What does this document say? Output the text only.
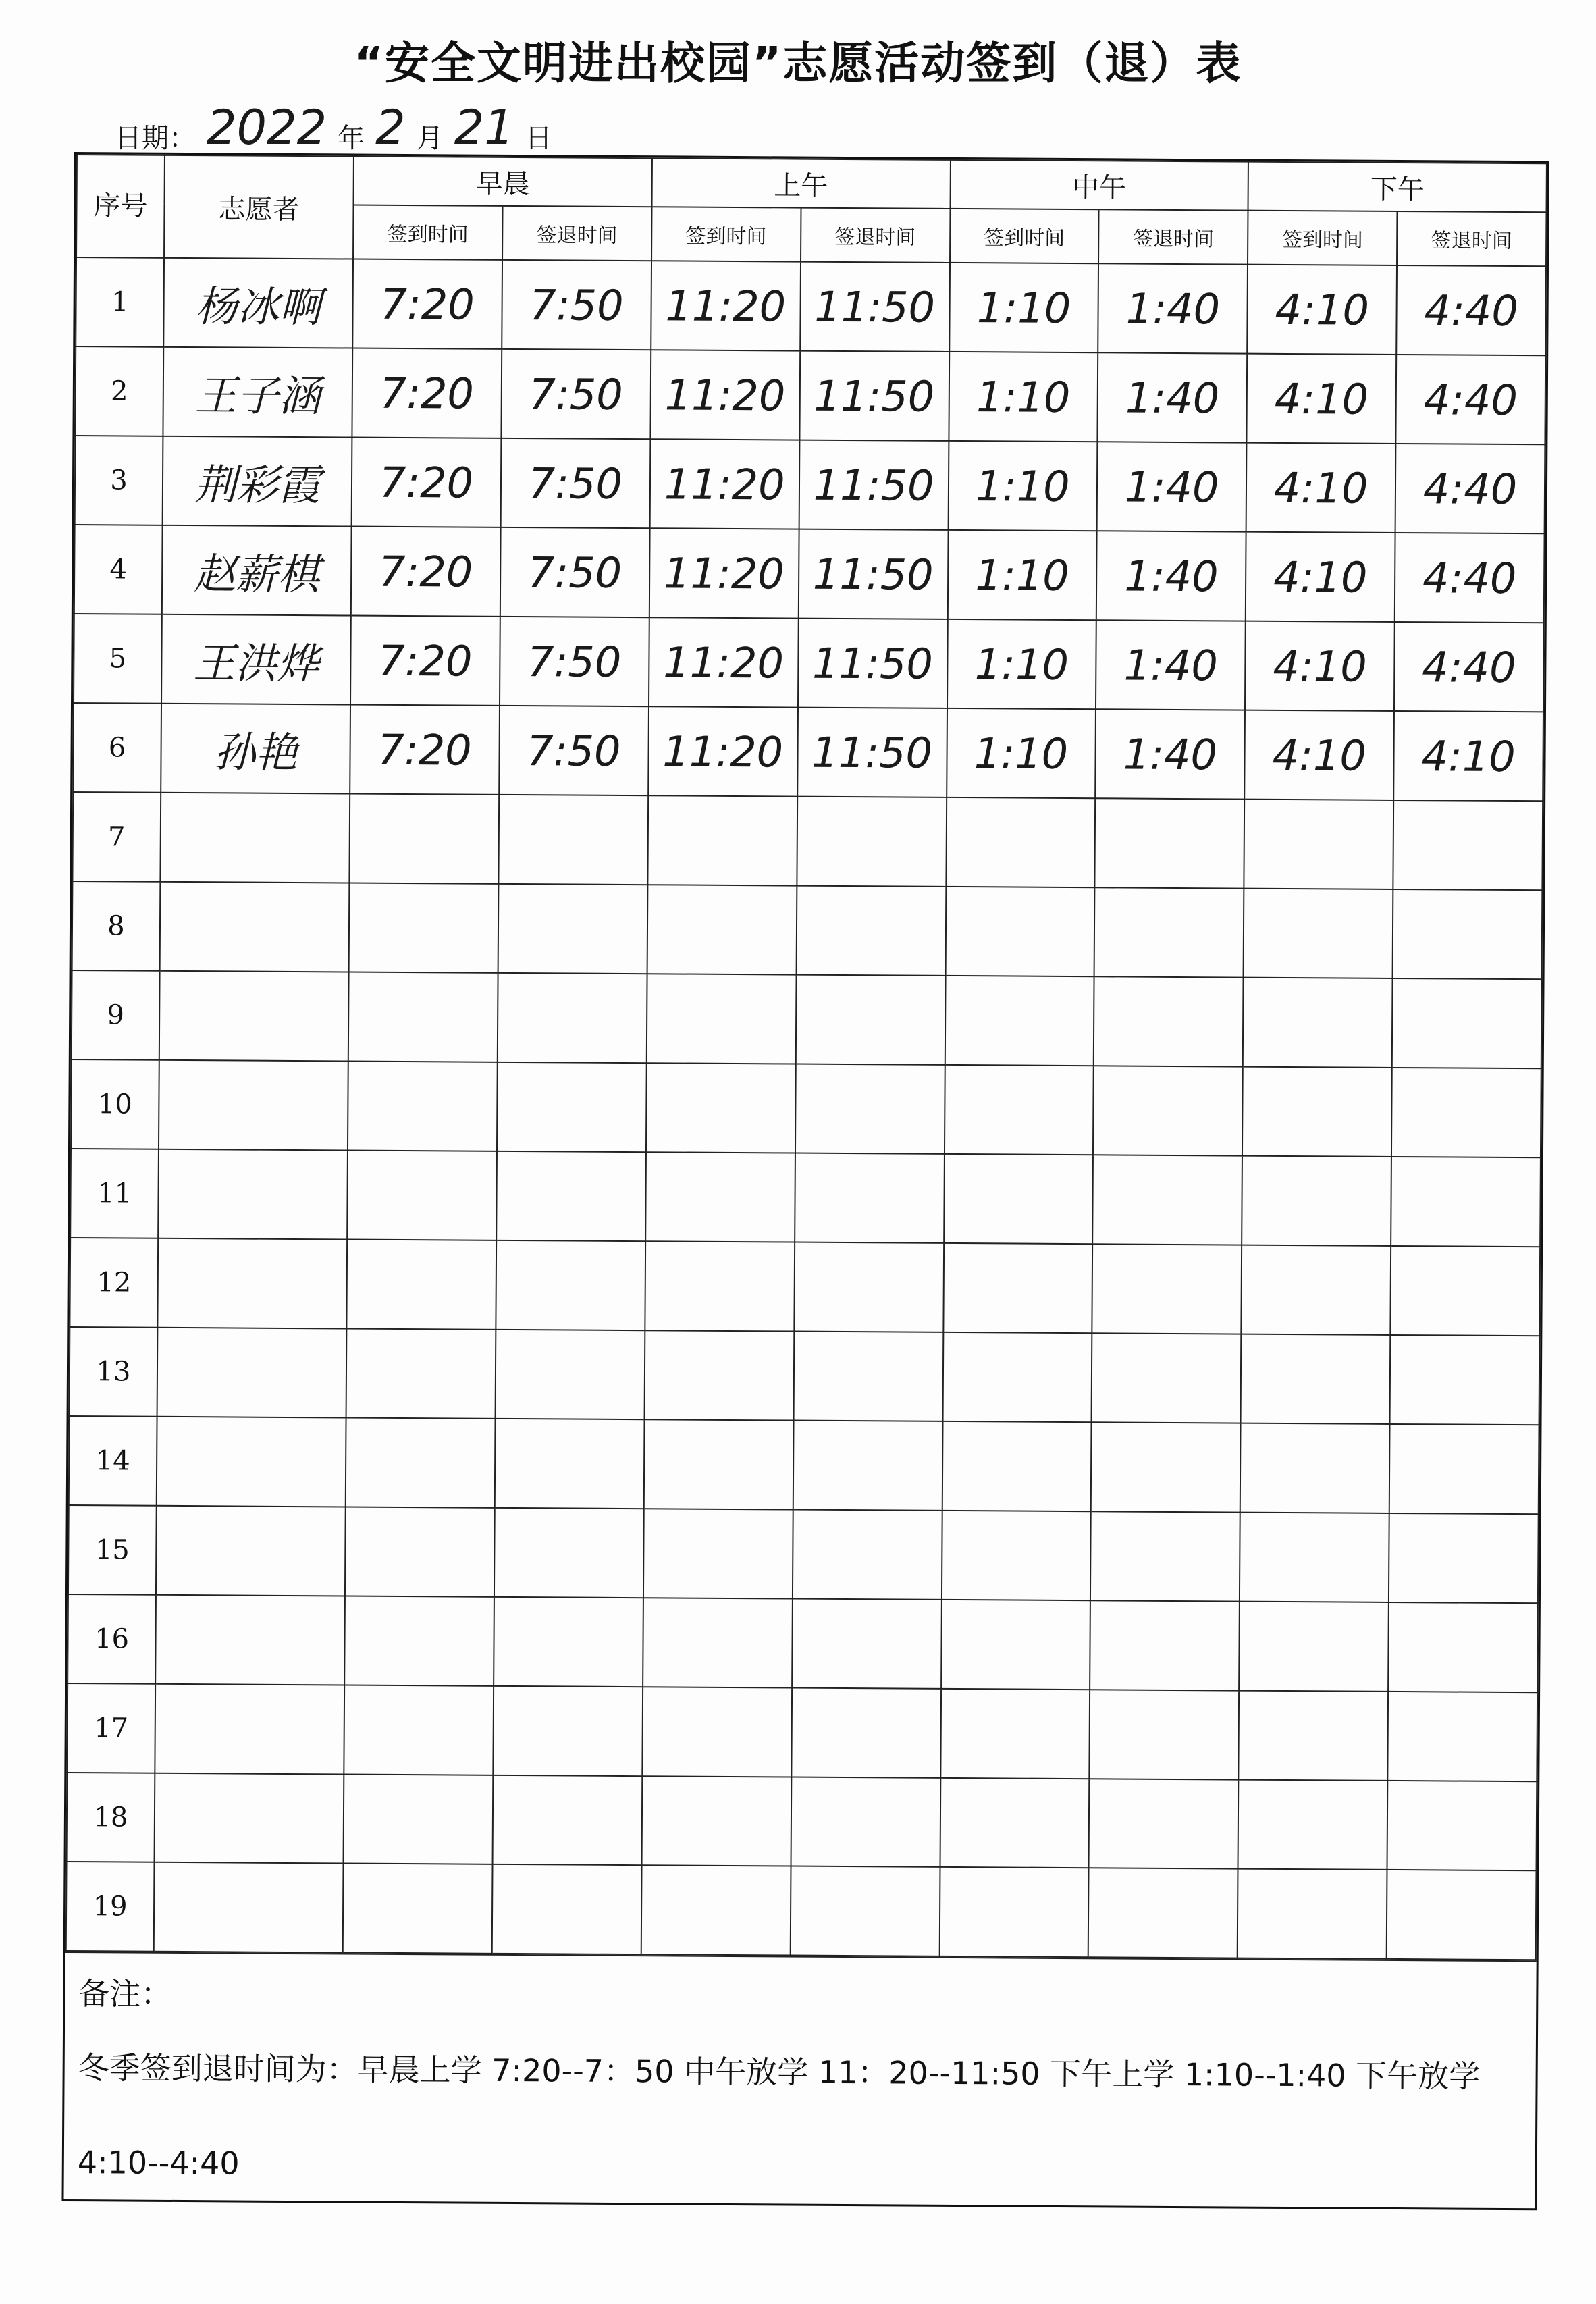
“安全文明进出校园”志愿活动签到（退）表
日期： 2022 年 2 月 21 日
序号	志愿者	早晨		上午		中午		下午	
		签到时间	签退时间	签到时间	签退时间	签到时间	签退时间	签到时间	签退时间
1	杨冰啊	7:20	7:50	11:20	11:50	1:10	1:40	4:10	4:40
2	王子涵	7:20	7:50	11:20	11:50	1:10	1:40	4:10	4:40
3	荆彩霞	7:20	7:50	11:20	11:50	1:10	1:40	4:10	4:40
4	赵薪棋	7:20	7:50	11:20	11:50	1:10	1:40	4:10	4:40
5	王洪烨	7:20	7:50	11:20	11:50	1:10	1:40	4:10	4:40
6	孙艳	7:20	7:50	11:20	11:50	1:10	1:40	4:10	4:10
7									
8									
9									
10									
11									
12									
13									
14									
15									
16									
17									
18									
19									
备注：
冬季签到退时间为：早晨上学 7:20--7：50 中午放学 11：20--11:50 下午上学 1:10--1:40 下午放学 4:10--4:40
